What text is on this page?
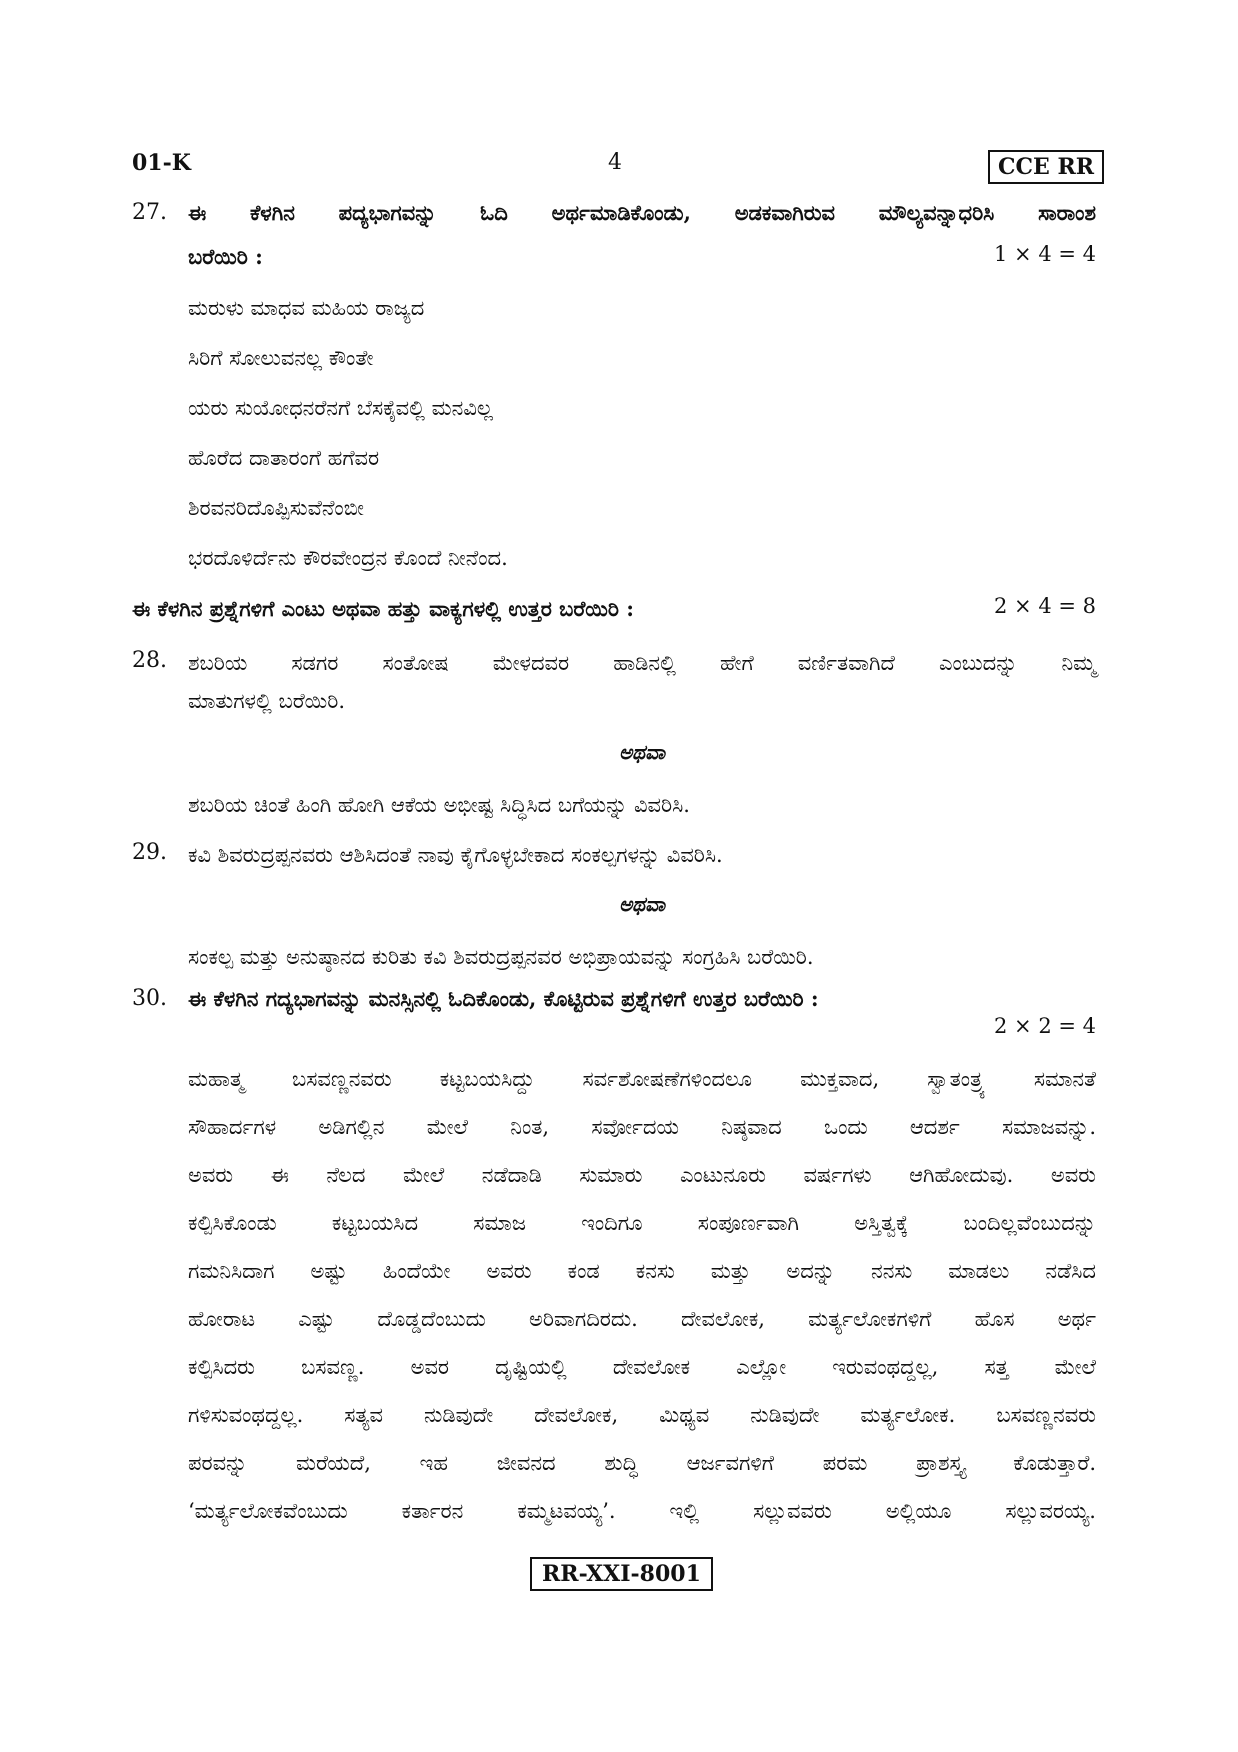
01-K	4	CCE RR
27. ಈ ಕೆಳಗಿನ ಪದ್ಯಭಾಗವನ್ನು ಓದಿ ಅರ್ಥಮಾಡಿಕೊಂಡು, ಅಡಕವಾಗಿರುವ ಮೌಲ್ಯವನ್ನಾಧರಿಸಿ ಸಾರಾಂಶ
ಬರೆಯಿರಿ :	1 × 4 = 4
ಮರುಳು ಮಾಧವ ಮಹಿಯ ರಾಜ್ಯದ
ಸಿರಿಗೆ ಸೋಲುವನಲ್ಲ ಕೌಂತೇ
ಯರು ಸುಯೋಧನರೆನಗೆ ಬೆಸಕೈವಲ್ಲಿ ಮನವಿಲ್ಲ
ಹೊರೆದ ದಾತಾರಂಗೆ ಹಗೆವರ
ಶಿರವನರಿದೊಪ್ಪಿಸುವೆನೆಂಬೀ
ಭರದೊಳಿರ್ದೆನು ಕೌರವೇಂದ್ರನ ಕೊಂದೆ ನೀನೆಂದ.
ಈ ಕೆಳಗಿನ ಪ್ರಶ್ನೆಗಳಿಗೆ ಎಂಟು ಅಥವಾ ಹತ್ತು ವಾಕ್ಯಗಳಲ್ಲಿ ಉತ್ತರ ಬರೆಯಿರಿ :	2 × 4 = 8
28. ಶಬರಿಯ ಸಡಗರ ಸಂತೋಷ ಮೇಳದವರ ಹಾಡಿನಲ್ಲಿ ಹೇಗೆ ವರ್ಣಿತವಾಗಿದೆ ಎಂಬುದನ್ನು ನಿಮ್ಮ
ಮಾತುಗಳಲ್ಲಿ ಬರೆಯಿರಿ.
ಅಥವಾ
ಶಬರಿಯ ಚಿಂತೆ ಹಿಂಗಿ ಹೋಗಿ ಆಕೆಯ ಅಭೀಷ್ಟ ಸಿದ್ಧಿಸಿದ ಬಗೆಯನ್ನು ವಿವರಿಸಿ.
29. ಕವಿ ಶಿವರುದ್ರಪ್ಪನವರು ಆಶಿಸಿದಂತೆ ನಾವು ಕೈಗೊಳ್ಳಬೇಕಾದ ಸಂಕಲ್ಪಗಳನ್ನು ವಿವರಿಸಿ.
ಅಥವಾ
ಸಂಕಲ್ಪ ಮತ್ತು ಅನುಷ್ಠಾನದ ಕುರಿತು ಕವಿ ಶಿವರುದ್ರಪ್ಪನವರ ಅಭಿಪ್ರಾಯವನ್ನು ಸಂಗ್ರಹಿಸಿ ಬರೆಯಿರಿ.
30. ಈ ಕೆಳಗಿನ ಗದ್ಯಭಾಗವನ್ನು ಮನಸ್ಸಿನಲ್ಲಿ ಓದಿಕೊಂಡು, ಕೊಟ್ಟಿರುವ ಪ್ರಶ್ನೆಗಳಿಗೆ ಉತ್ತರ ಬರೆಯಿರಿ :
2 × 2 = 4
ಮಹಾತ್ಮ ಬಸವಣ್ಣನವರು ಕಟ್ಟಬಯಸಿದ್ದು ಸರ್ವಶೋಷಣೆಗಳಿಂದಲೂ ಮುಕ್ತವಾದ, ಸ್ವಾತಂತ್ರ್ಯ ಸಮಾನತೆ
ಸೌಹಾರ್ದಗಳ ಅಡಿಗಲ್ಲಿನ ಮೇಲೆ ನಿಂತ, ಸರ್ವೋದಯ ನಿಷ್ಠವಾದ ಒಂದು ಆದರ್ಶ ಸಮಾಜವನ್ನು.
ಅವರು ಈ ನೆಲದ ಮೇಲೆ ನಡೆದಾಡಿ ಸುಮಾರು ಎಂಟುನೂರು ವರ್ಷಗಳು ಆಗಿಹೋದುವು. ಅವರು
ಕಲ್ಪಿಸಿಕೊಂಡು ಕಟ್ಟಬಯಸಿದ ಸಮಾಜ ಇಂದಿಗೂ ಸಂಪೂರ್ಣವಾಗಿ ಅಸ್ತಿತ್ವಕ್ಕೆ ಬಂದಿಲ್ಲವೆಂಬುದನ್ನು
ಗಮನಿಸಿದಾಗ ಅಷ್ಟು ಹಿಂದೆಯೇ ಅವರು ಕಂಡ ಕನಸು ಮತ್ತು ಅದನ್ನು ನನಸು ಮಾಡಲು ನಡೆಸಿದ
ಹೋರಾಟ ಎಷ್ಟು ದೊಡ್ಡದೆಂಬುದು ಅರಿವಾಗದಿರದು. ದೇವಲೋಕ, ಮರ್ತ್ಯಲೋಕಗಳಿಗೆ ಹೊಸ ಅರ್ಥ
ಕಲ್ಪಿಸಿದರು ಬಸವಣ್ಣ. ಅವರ ದೃಷ್ಟಿಯಲ್ಲಿ ದೇವಲೋಕ ಎಲ್ಲೋ ಇರುವಂಥದ್ದಲ್ಲ, ಸತ್ತ ಮೇಲೆ
ಗಳಿಸುವಂಥದ್ದಲ್ಲ. ಸತ್ಯವ ನುಡಿವುದೇ ದೇವಲೋಕ, ಮಿಥ್ಯವ ನುಡಿವುದೇ ಮರ್ತ್ಯಲೋಕ. ಬಸವಣ್ಣನವರು
ಪರವನ್ನು ಮರೆಯದೆ, ಇಹ ಜೀವನದ ಶುದ್ಧಿ ಆರ್ಜವಗಳಿಗೆ ಪರಮ ಪ್ರಾಶಸ್ತ್ಯ ಕೊಡುತ್ತಾರೆ.
‘ಮರ್ತ್ಯಲೋಕವೆಂಬುದು ಕರ್ತಾರನ ಕಮ್ಮಟವಯ್ಯ’. ಇಲ್ಲಿ ಸಲ್ಲುವವರು ಅಲ್ಲಿಯೂ ಸಲ್ಲುವರಯ್ಯ.
RR-XXI-8001
